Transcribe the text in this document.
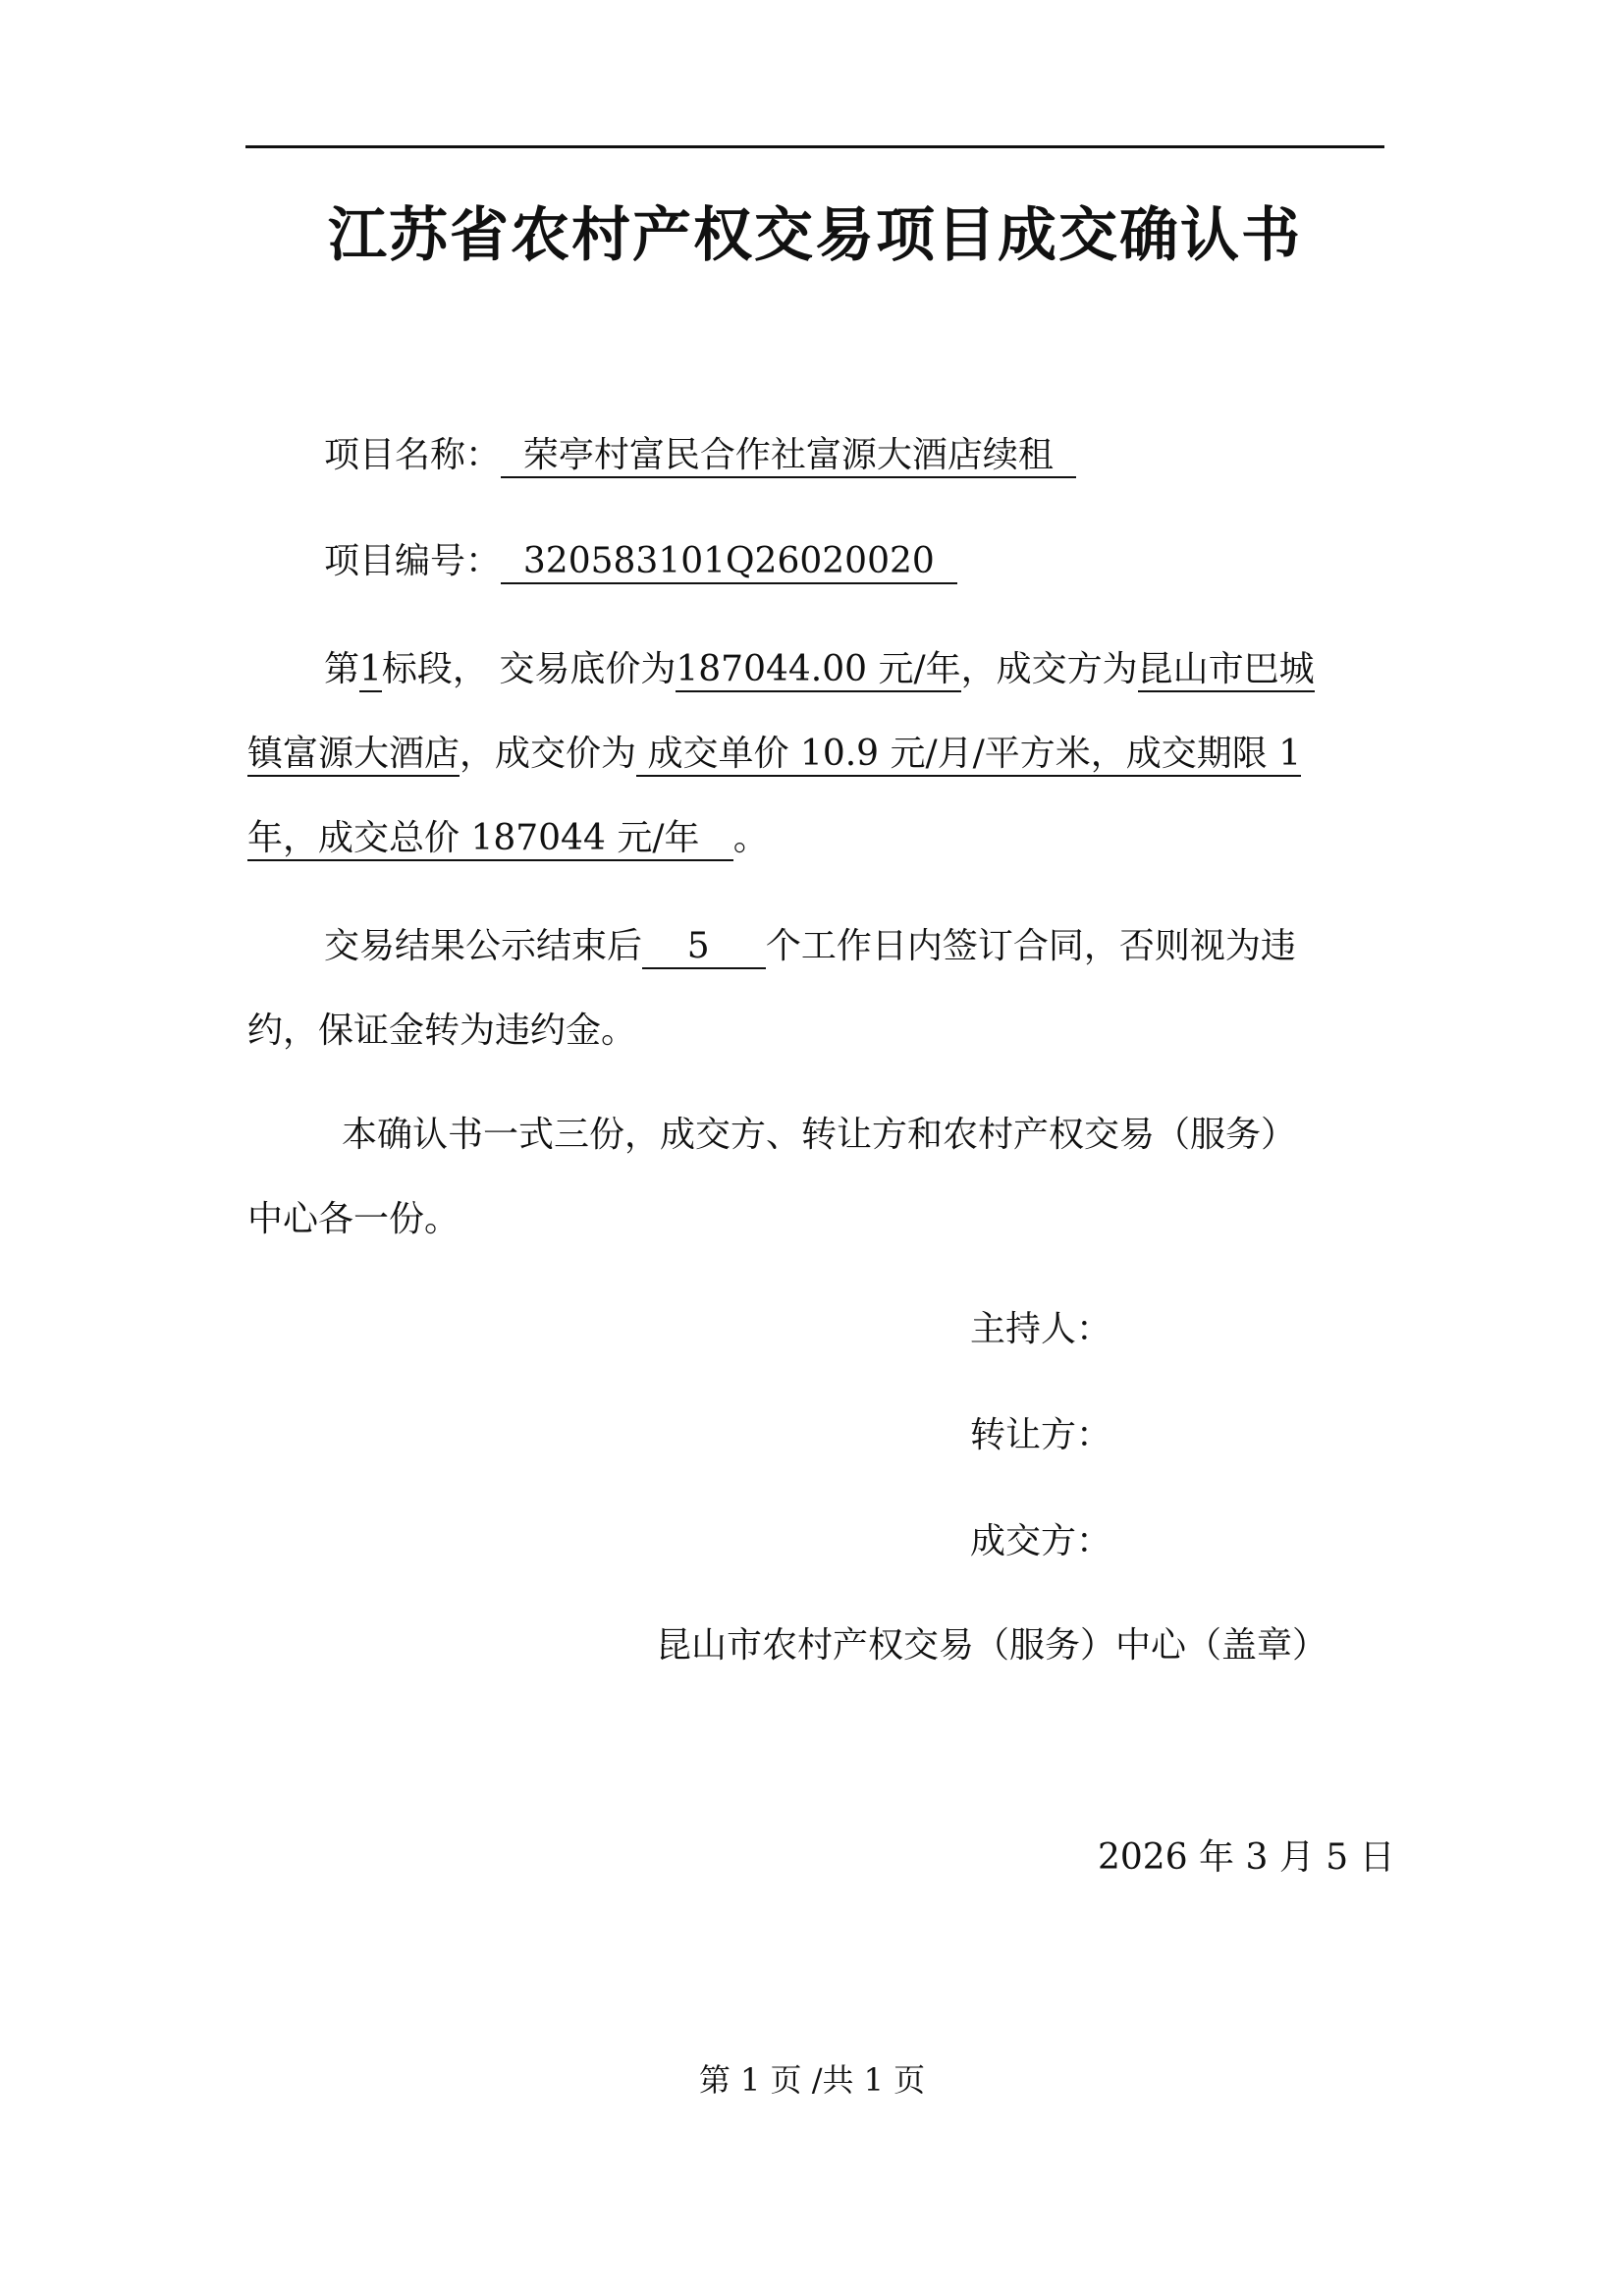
江苏省农村产权交易项目成交确认书
项目名称： 荣亭村富民合作社富源大酒店续租
项目编号： 320583101Q26020020
第1标段， 交易底价为187044.00 元/年，成交方为昆山市巴城
镇富源大酒店，成交价为 成交单价 10.9 元/月/平方米，成交期限 1
年，成交总价 187044 元/年 。
交易结果公示结束后 5 个工作日内签订合同，否则视为违
约，保证金转为违约金。
本确认书一式三份，成交方、转让方和农村产权交易（服务）
中心各一份。
主持人：
转让方：
成交方：
昆山市农村产权交易（服务）中心（盖章）
2026 年 3 月 5 日
第 1 页 /共 1 页
